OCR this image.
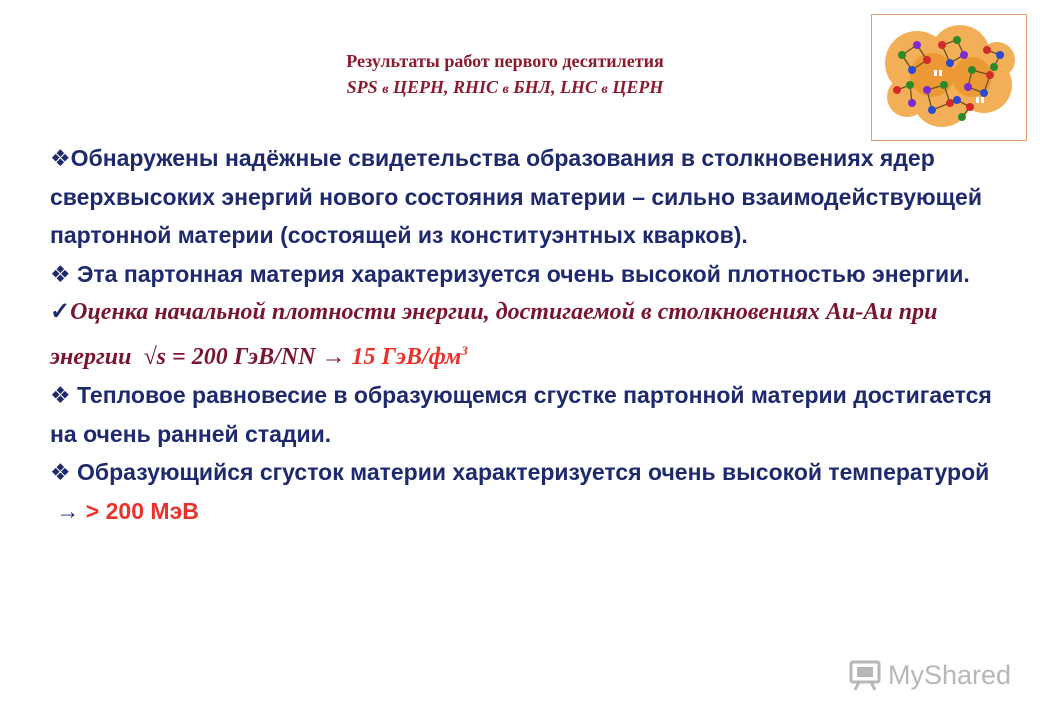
Результаты работ первого десятилетия
SPS в ЦЕРН, RHIC в БНЛ, LHC в ЦЕРН

❖Обнаружены надёжные свидетельства образования в столкновениях ядер сверхвысоких энергий нового состояния материи – сильно взаимодействующей партонной материи (состоящей из конституэнтных кварков).

❖ Эта партонная материя характеризуется очень высокой плотностью энергии.

✓Оценка начальной плотности энергии, достигаемой в столкновениях Au-Au при энергии √s = 200 ГэВ/NN → 15 ГэВ/$фм^3$

❖ Тепловое равновесие в образующемся сгустке партонной материи достигается на очень ранней стадии.

❖ Образующийся сгусток материи характеризуется очень высокой температурой  → > 200 МэВ

MyShared
